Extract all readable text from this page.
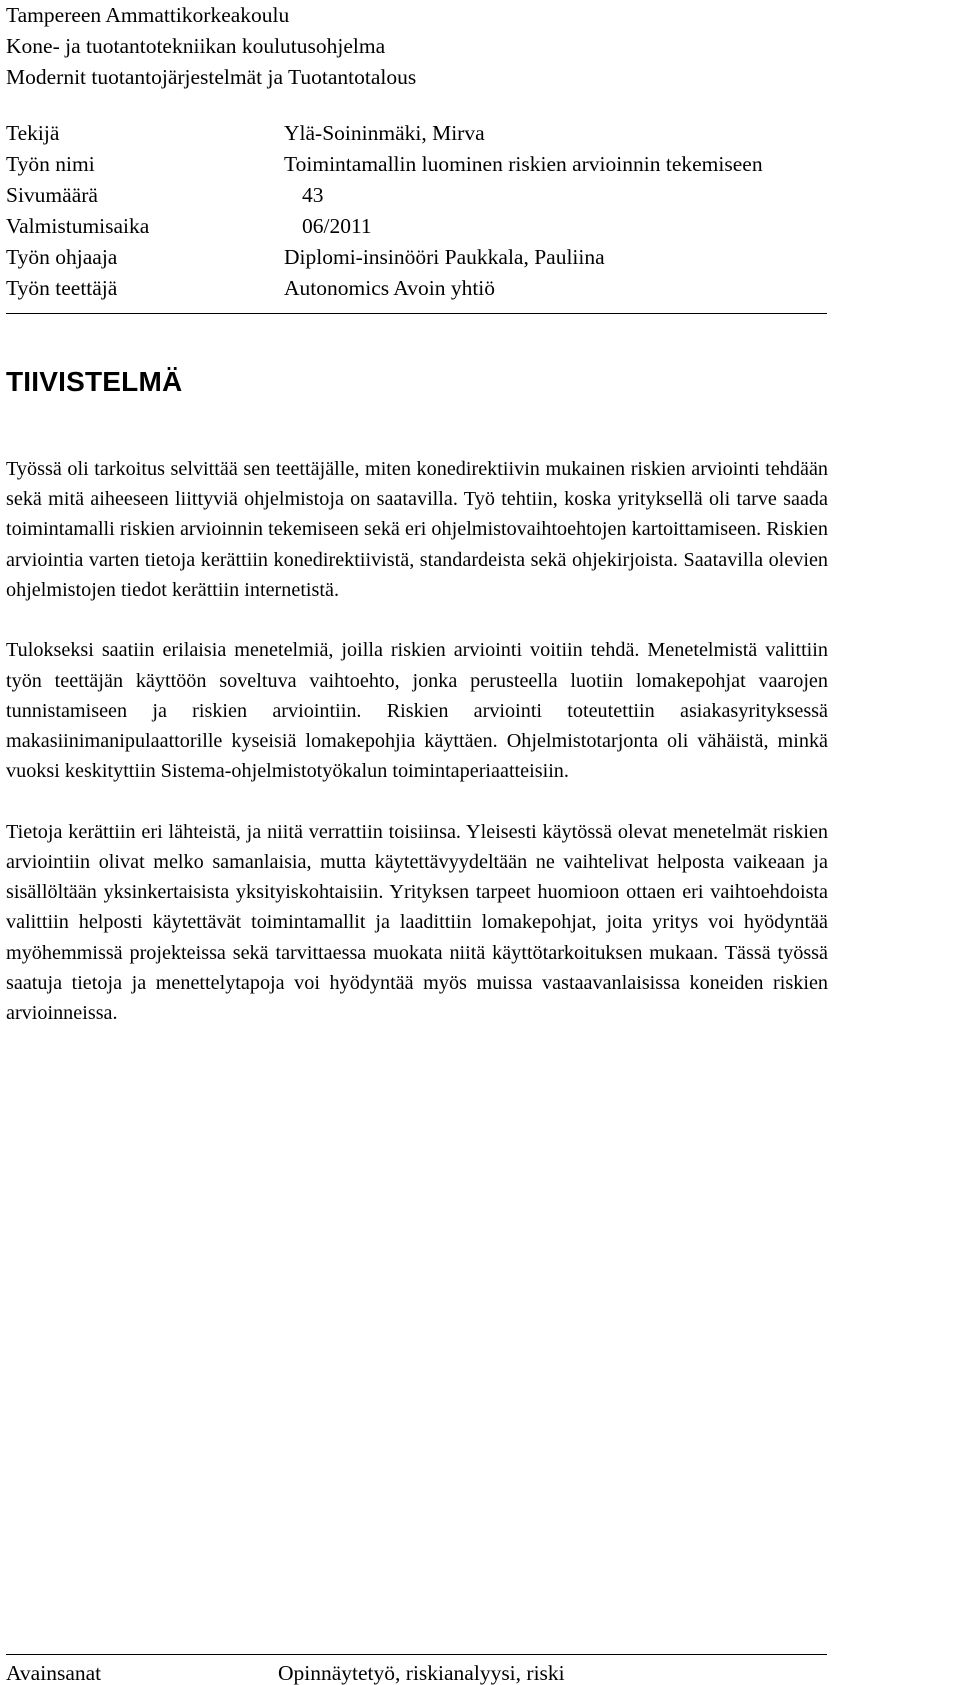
Tampereen Ammattikorkeakoulu
Kone- ja tuotantotekniikan koulutusohjelma
Modernit tuotantojärjestelmät ja Tuotantotalous
Tekijä	Ylä-Soininmäki, Mirva
Työn nimi	Toimintamallin luominen riskien arvioinnin tekemiseen
Sivumäärä	43
Valmistumisaika	06/2011
Työn ohjaaja	Diplomi-insinööri Paukkala, Pauliina
Työn teettäjä	Autonomics Avoin yhtiö
TIIVISTELMÄ

Työssä oli tarkoitus selvittää sen teettäjälle, miten konedirektiivin mukainen riskien arviointi tehdään sekä mitä aiheeseen liittyviä ohjelmistoja on saatavilla. Työ tehtiin, koska yrityksellä oli tarve saada toimintamalli riskien arvioinnin tekemiseen sekä eri ohjelmistovaihtoehtojen kartoittamiseen. Riskien arviointia varten tietoja kerättiin konedirektiivistä, standardeista sekä ohjekirjoista. Saatavilla olevien ohjelmistojen tiedot kerättiin internetistä.

Tulokseksi saatiin erilaisia menetelmiä, joilla riskien arviointi voitiin tehdä. Menetelmistä valittiin työn teettäjän käyttöön soveltuva vaihtoehto, jonka perusteella luotiin lomakepohjat vaarojen tunnistamiseen ja riskien arviointiin. Riskien arviointi toteutettiin asiakasyrityksessä makasiinimanipulaattorille kyseisiä lomakepohjia käyttäen. Ohjelmistotarjonta oli vähäistä, minkä vuoksi keskityttiin Sistema-ohjelmistotyökalun toimintaperiaatteisiin.

Tietoja kerättiin eri lähteistä, ja niitä verrattiin toisiinsa. Yleisesti käytössä olevat menetelmät riskien arviointiin olivat melko samanlaisia, mutta käytettävyydeltään ne vaihtelivat helposta vaikeaan ja sisällöltään yksinkertaisista yksityiskohtaisiin. Yrityksen tarpeet huomioon ottaen eri vaihtoehdoista valittiin helposti käytettävät toimintamallit ja laadittiin lomakepohjat, joita yritys voi hyödyntää myöhemmissä projekteissa sekä tarvittaessa muokata niitä käyttötarkoituksen mukaan. Tässä työssä saatuja tietoja ja menettelytapoja voi hyödyntää myös muissa vastaavanlaisissa koneiden riskien arvioinneissa.

Avainsanat	Opinnäytetyö, riskianalyysi, riski
